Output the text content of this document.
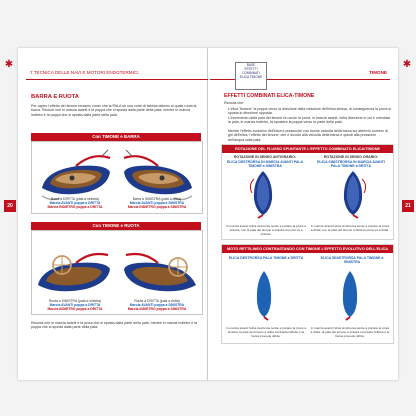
✱	✱
7 TECNICA DELLE NAVI E MOTORI ENDOTERMICI	TIMONE
BASE
EFFETTI
COMBINATI
ELICA TIMONE
20	21
BARRA E RUOTA
Per capire l'effetto del timone teniamo conto che la PALA se una corte di fabrica attorno al quale ruota la barca. Ricordo che in marcia avanti è la poppa che si sposta dalla parte della pala, mentre in marcia indietro è la poppa che si sposta dalla parte della pala.
Con TIMONE e BARRA
Barra a DRITTA (pala a sinistra)
Marcia AVANTI poppa a DRITTA
Marcia INDIETRO poppa a DRITTA
Barra a SINISTRA (pala a dritta)
Marcia AVANTI poppa a SINISTRA
Marcia INDIETRO poppa a SINISTRA
Con TIMONE e RUOTA
Ruota a SINISTRA (pala a sinistra)
Marcia AVANTI poppa a DRITTA
Marcia INDIETRO poppa a DRITTA
Ruota a DRITTA (pala a dritta)
Marcia AVANTI poppa a SINISTRA
Marcia INDIETRO poppa a SINISTRA
Ricorda che in marcia avanti è la prora che si sposta dalla parte della pala, mentre in marcia indietro è la poppa che si sposta dalla parte della pala.
EFFETTI COMBINATI ELICA-TIMONE
Ricorda che:
L'elica "tiranne" la poppa verso la direzione della rotazione dell'elica stessa, di conseguenza la prora si sposta in direzione opposta.
L'incremento della pala del timone fa uscire la prora, in marcia avanti, nella direzione in cui è orientata la pala, in marcia indietro, fa spostare la poppa verso la parte della pala.
Mentre l'effetto evolutivo dell'elica è pressoché con buone velocità della barca sul abbrivio numero di giri dell'elica, l'effetto del timone, che è dovuto alla velocità della barca e quindi alla pressione dell'acqua sulla pala.
ROTAZIONE DEL FLUSSO SPUNTANTE L'EFFETTO COMBINATO ELICA/TIMONE
ROTAZIONE IN SENSO ANTIORARIO:
ELICA DESTRORSA IN MARCIA AVANTI PALA TIMONE a SINISTRA
ROTAZIONE IN SENSO ORARIO:
ELICA SINISTRORSA IN MARCIA AVANTI PALA TIMONE a DRITTA
In marcia avanti l'elica destrorsa tende a portare la prora a sinistra; con la pala del timone a sinistra la prora va a sinistra.
In marcia avanti l'elica sinistrorsa tende a portare la prora a dritta; con la pala del timone a dritta la prora va a dritta.
MOTO RETTILINEO CONTRASTANDO CON TIMONE L'EFFETTO EVOLUTIVO DELL'ELICA
ELICA DESTRORSA PALA TIMONE a DRITTA	ELICA SINISTRORSA PALA TIMONE a SINISTRA
In marcia avanti l'elica destrorsa tende a portare la prora a sinistra, la pala del timone a dritta contrasta l'effetto e la barca procede diritta.
In marcia avanti l'elica sinistrorsa tende a portare la prora a dritta, la pala del timone a sinistra contrasta l'effetto e la barca procede diritta.
